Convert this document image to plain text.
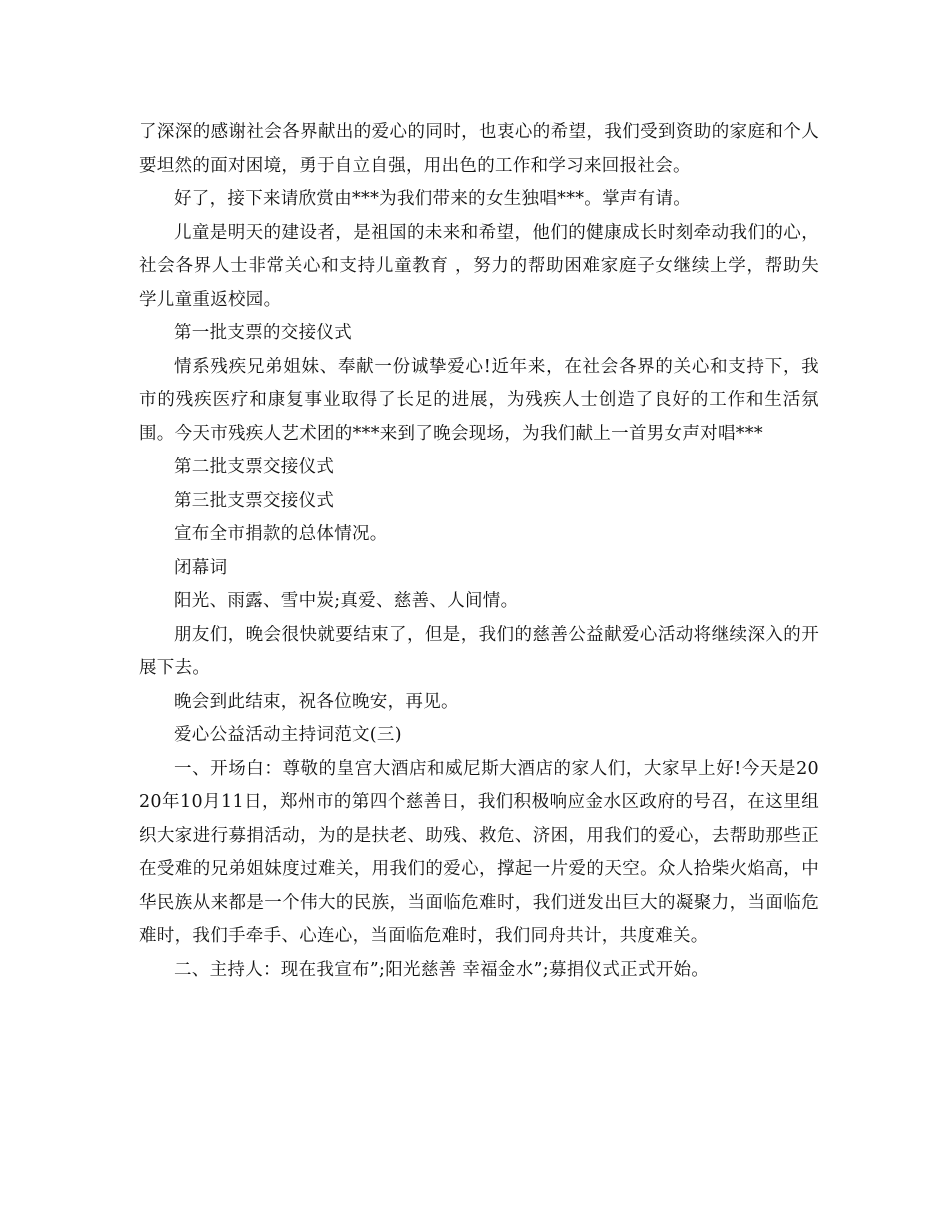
了深深的感谢社会各界献出的爱心的同时，也衷心的希望，我们受到资助的家庭和个人要坦然的面对困境，勇于自立自强，用出色的工作和学习来回报社会。

好了，接下来请欣赏由***为我们带来的女生独唱***。掌声有请。

儿童是明天的建设者，是祖国的未来和希望，他们的健康成长时刻牵动我们的心，社会各界人士非常关心和支持儿童教育 ，努力的帮助困难家庭子女继续上学，帮助失学儿童重返校园。

第一批支票的交接仪式

情系残疾兄弟姐妹、奉献一份诚挚爱心!近年来，在社会各界的关心和支持下，我市的残疾医疗和康复事业取得了长足的进展，为残疾人士创造了良好的工作和生活氛围。今天市残疾人艺术团的***来到了晚会现场，为我们献上一首男女声对唱***

第二批支票交接仪式

第三批支票交接仪式

宣布全市捐款的总体情况。

闭幕词

阳光、雨露、雪中炭;真爱、慈善、人间情。

朋友们，晚会很快就要结束了，但是，我们的慈善公益献爱心活动将继续深入的开展下去。

晚会到此结束，祝各位晚安，再见。

爱心公益活动主持词范文(三)

一、开场白：尊敬的皇宫大酒店和威尼斯大酒店的家人们，大家早上好!今天是2020年10月11日，郑州市的第四个慈善日，我们积极响应金水区政府的号召，在这里组织大家进行募捐活动，为的是扶老、助残、救危、济困，用我们的爱心，去帮助那些正在受难的兄弟姐妹度过难关，用我们的爱心，撑起一片爱的天空。众人拾柴火焰高，中华民族从来都是一个伟大的民族，当面临危难时，我们迸发出巨大的凝聚力，当面临危难时，我们手牵手、心连心，当面临危难时，我们同舟共计，共度难关。

二、主持人：现在我宣布”;阳光慈善 幸福金水”;募捐仪式正式开始。
